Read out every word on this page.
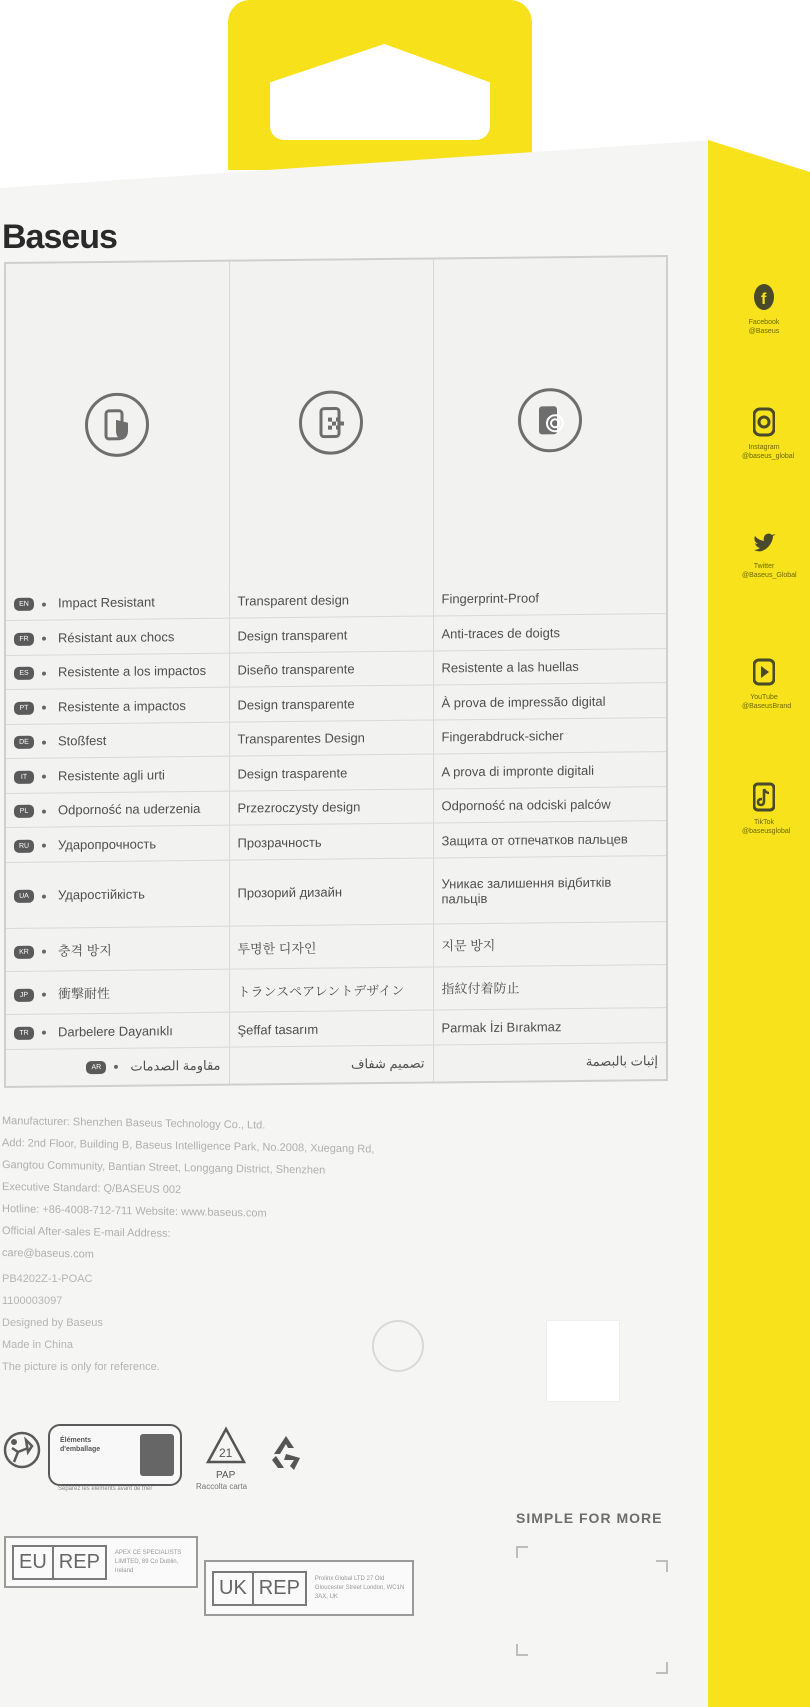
Baseus

EN Impact Resistant	Transparent design	Fingerprint-Proof
FR Résistant aux chocs	Design transparent	Anti-traces de doigts
ES Resistente a los impactos	Diseño transparente	Resistente a las huellas
PT Resistente a impactos	Design transparente	À prova de impressão digital
DE Stoßfest	Transparentes Design	Fingerabdruck-sicher
IT Resistente agli urti	Design trasparente	A prova di impronte digitali
PL Odporność na uderzenia	Przezroczysty design	Odporność na odciski palców
RU Ударопрочность	Прозрачность	Защита от отпечатков пальцев
UA Ударостійкість	Прозорий дизайн	Уникає залишення відбитків пальців
KR 충격 방지	투명한 디자인	지문 방지
JP 衝撃耐性	トランスペアレントデザイン	指紋付着防止
TR Darbelere Dayanıklı	Şeffaf tasarım	Parmak İzi Bırakmaz
AR مقاومة الصدمات	تصميم شفاف	إثبات بالبصمة
f
Facebook @Baseus
Instagram @baseus_global
Twitter @Baseus_Global
YouTube @BaseusBrand
TikTok @baseusglobal
Manufacturer: Shenzhen Baseus Technology Co., Ltd.
Add: 2nd Floor, Building B, Baseus Intelligence Park, No.2008, Xuegang Rd,
Gangtou Community, Bantian Street, Longgang District, Shenzhen
Executive Standard: Q/BASEUS 002
Hotline: +86-4008-712-711 Website: www.baseus.com
Official After-sales E-mail Address:
care@baseus.com
PB4202Z-1-POAC
1100003097
Designed by Baseus
Made in China
The picture is only for reference.
Éléments d'emballage
Séparez les éléments avant de trier
21
PAP
Raccolta carta
SIMPLE FOR MORE
EU REP	APEX CE SPECIALISTS LIMITED, 89 Co Dublin, Ireland
UK REP	Prolinx Global LTD 27 Old Gloucester Street London, WC1N 3AX, UK
